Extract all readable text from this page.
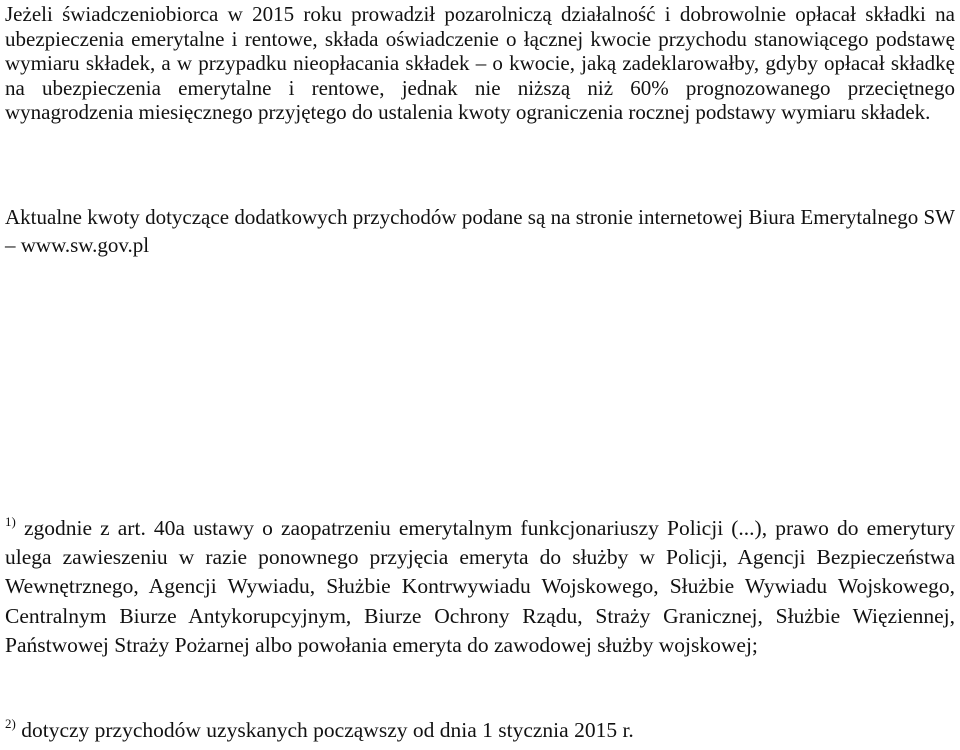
Jeżeli świadczeniobiorca w 2015 roku prowadził pozarolniczą działalność i dobrowolnie opłacał składki na ubezpieczenia emerytalne i rentowe, składa oświadczenie o łącznej kwocie przychodu stanowiącego podstawę wymiaru składek, a w przypadku nieopłacania składek – o kwocie, jaką zadeklarowałby, gdyby opłacał składkę na ubezpieczenia emerytalne i rentowe, jednak nie niższą niż 60% prognozowanego przeciętnego wynagrodzenia miesięcznego przyjętego do ustalenia kwoty ograniczenia rocznej podstawy wymiaru składek.

Aktualne kwoty dotyczące dodatkowych przychodów podane są na stronie internetowej Biura Emerytalnego SW – www.sw.gov.pl

$^{1)}$ zgodnie z art. 40a ustawy o zaopatrzeniu emerytalnym funkcjonariuszy Policji (...), prawo do emerytury ulega zawieszeniu w razie ponownego przyjęcia emeryta do służby w Policji, Agencji Bezpieczeństwa Wewnętrznego, Agencji Wywiadu, Służbie Kontrwywiadu Wojskowego, Służbie Wywiadu Wojskowego, Centralnym Biurze Antykorupcyjnym, Biurze Ochrony Rządu, Straży Granicznej, Służbie Więziennej, Państwowej Straży Pożarnej albo powołania emeryta do zawodowej służby wojskowej;

$^{2)}$ dotyczy przychodów uzyskanych począwszy od dnia 1 stycznia 2015 r.
